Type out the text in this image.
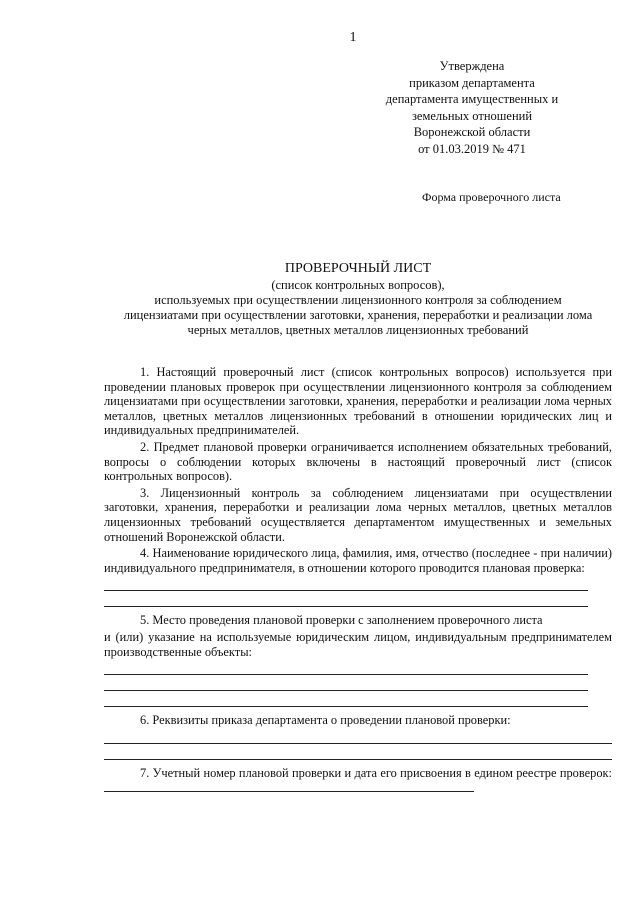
1
Утверждена
приказом департамента
департамента имущественных и
земельных отношений
Воронежской области
от 01.03.2019 № 471
Форма проверочного листа
ПРОВЕРОЧНЫЙ ЛИСТ
(список контрольных вопросов),
используемых при осуществлении лицензионного контроля за соблюдением
лицензиатами при осуществлении заготовки, хранения, переработки и реализации лома
черных металлов, цветных металлов лицензионных требований

1. Настоящий проверочный лист (список контрольных вопросов) используется при проведении плановых проверок при осуществлении лицензионного контроля за соблюдением лицензиатами при осуществлении заготовки, хранения, переработки и реализации лома черных металлов, цветных металлов лицензионных требований в отношении юридических лиц и индивидуальных предпринимателей.

2. Предмет плановой проверки ограничивается исполнением обязательных требований, вопросы о соблюдении которых включены в настоящий проверочный лист (список контрольных вопросов).

3. Лицензионный контроль за соблюдением лицензиатами при осуществлении заготовки, хранения, переработки и реализации лома черных металлов, цветных металлов лицензионных требований осуществляется департаментом имущественных и земельных отношений Воронежской области.

4. Наименование юридического лица, фамилия, имя, отчество (последнее - при наличии) индивидуального предпринимателя, в отношении которого проводится плановая проверка:

5. Место проведения плановой проверки с заполнением проверочного листа

и (или) указание на используемые юридическим лицом, индивидуальным предпринимателем производственные объекты:

6. Реквизиты приказа департамента о проведении плановой проверки:
7. Учетный номер плановой проверки и дата его присвоения в едином реестре проверок:
